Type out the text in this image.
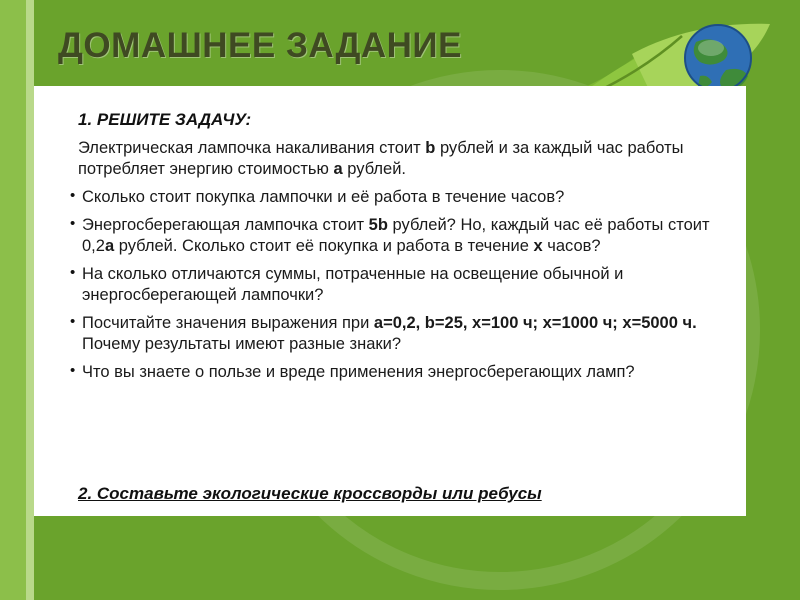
ДОМАШНЕЕ ЗАДАНИЕ
1. РЕШИТЕ ЗАДАЧУ:
Электрическая лампочка накаливания стоит b рублей и за каждый час работы потребляет энергию стоимостью a рублей.
• Сколько стоит покупка лампочки и её работа в течение часов?
• Энергосберегающая лампочка стоит 5b рублей? Но, каждый час её работы стоит 0,2a рублей. Сколько стоит её покупка и работа в течение x часов?
• На сколько отличаются суммы, потраченные на освещение обычной и энергосберегающей лампочки?
• Посчитайте значения выражения при a=0,2, b=25, x=100 ч; x=1000 ч; x=5000 ч. Почему результаты имеют разные знаки?
• Что вы знаете о пользе и вреде применения энергосберегающих ламп?
2. Составьте экологические кроссворды или ребусы
